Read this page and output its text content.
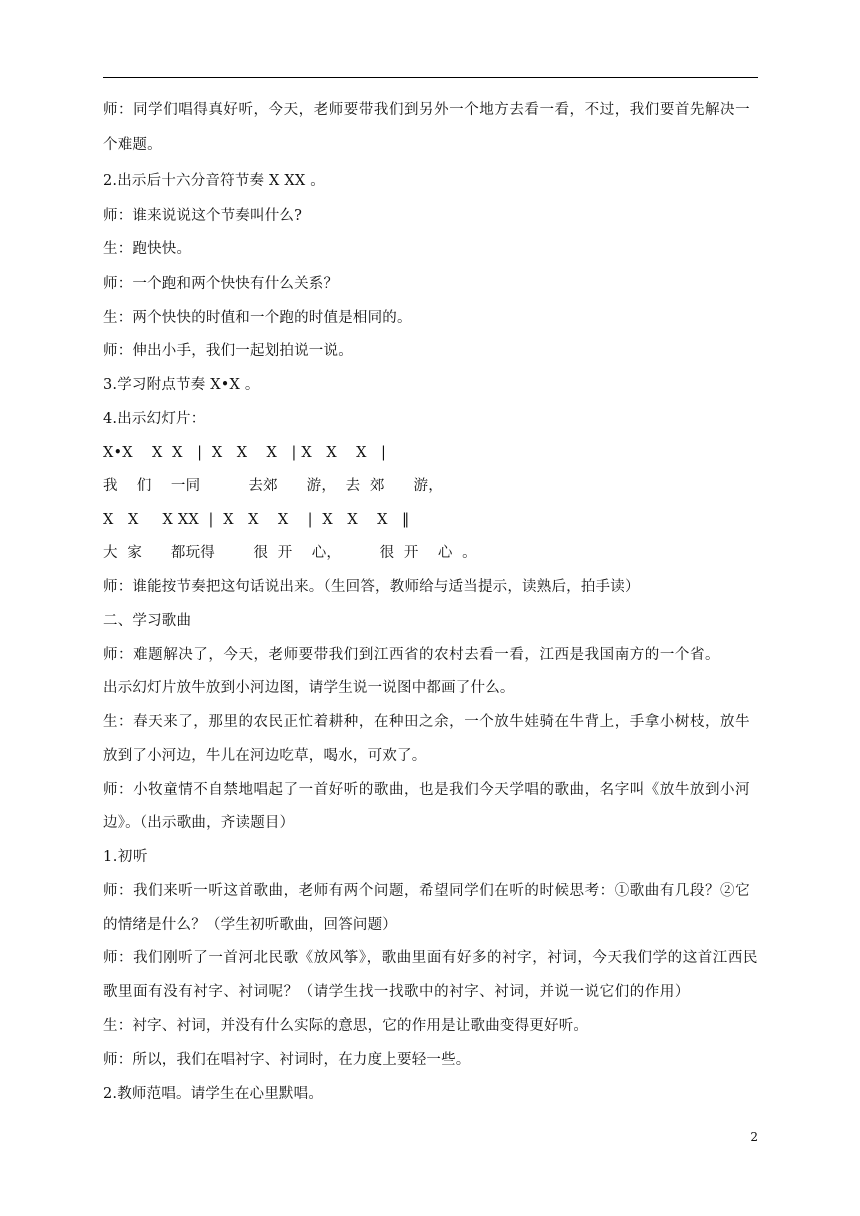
师：同学们唱得真好听，今天，老师要带我们到另外一个地方去看一看，不过，我们要首先解决一
个难题。
2.出示后十六分音符节奏 X XX 。
师：谁来说说这个节奏叫什么?
生：跑快快。
师：一个跑和两个快快有什么关系？
生：两个快快的时值和一个跑的时值是相同的。
师：伸出小手，我们一起划拍说一说。
3.学习附点节奏 X•X 。
4.出示幻灯片：
X•X    X  X   |  X   X    X   | X   X    X   |
我    们    一同          去郊      游，  去  郊      游，
X   X     X XX  |  X   X    X    |  X   X    X   ‖
大  家      都玩得        很  开    心，        很  开    心  。
师：谁能按节奏把这句话说出来。（生回答，教师给与适当提示，读熟后，拍手读）
二、学习歌曲
师：难题解决了，今天，老师要带我们到江西省的农村去看一看，江西是我国南方的一个省。
出示幻灯片放牛放到小河边图，请学生说一说图中都画了什么。
生：春天来了，那里的农民正忙着耕种，在种田之余，一个放牛娃骑在牛背上，手拿小树枝，放牛
放到了小河边，牛儿在河边吃草，喝水，可欢了。
师：小牧童情不自禁地唱起了一首好听的歌曲，也是我们今天学唱的歌曲，名字叫《放牛放到小河
边》。（出示歌曲，齐读题目）
1.初听
师：我们来听一听这首歌曲，老师有两个问题，希望同学们在听的时候思考：①歌曲有几段？②它
的情绪是什么？（学生初听歌曲，回答问题）
师：我们刚听了一首河北民歌《放风筝》，歌曲里面有好多的衬字，衬词，今天我们学的这首江西民
歌里面有没有衬字、衬词呢？（请学生找一找歌中的衬字、衬词，并说一说它们的作用）
生：衬字、衬词，并没有什么实际的意思，它的作用是让歌曲变得更好听。
师：所以，我们在唱衬字、衬词时，在力度上要轻一些。
2.教师范唱。请学生在心里默唱。
2
